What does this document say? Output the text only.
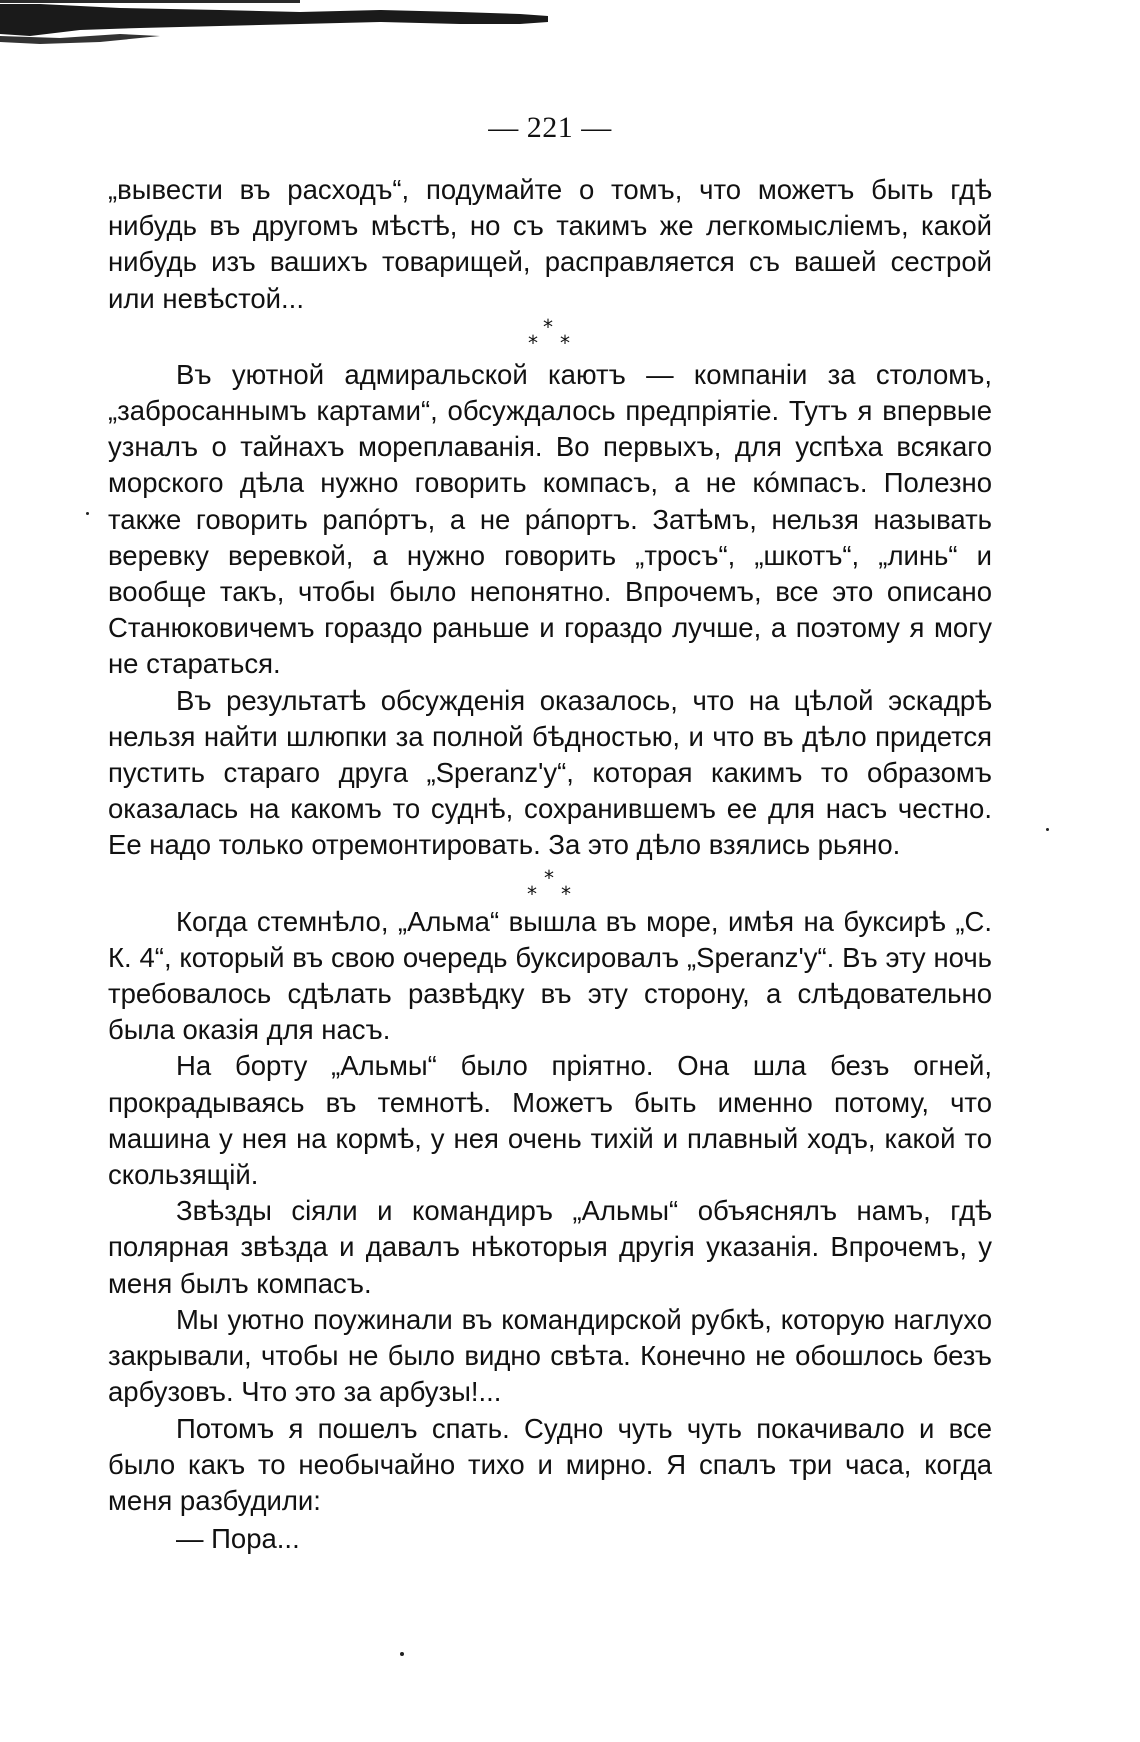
— 221 —

„вывести въ расходъ“, подумайте о томъ, что можетъ быть гдѣ нибудь въ другомъ мѣстѣ, но съ такимъ же легкомысліемъ, какой нибудь изъ вашихъ товарищей, расправляется съ вашей сестрой или невѣстой...

*
* *

Въ уютной адмиральской каютъ — компаніи за столомъ, „заброcаннымъ картами“, обсуждалось предпріятіе. Тутъ я впервые узналъ о тайнахъ мореплаванія. Во первыхъ, для успѣха всякаго морского дѣла нужно говорить компасъ, а не кóмпасъ. Полезно также говорить рапóртъ, а не рáпортъ. Затѣмъ, нельзя называть веревку веревкой, а нужно говорить „тросъ“, „шкотъ“, „линь“ и вообще такъ, чтобы было непонятно. Впрочемъ, все это описано Станюковичемъ гораздо раньше и гораздо лучше, а поэтому я могу не стараться.

Въ результатѣ обсужденія оказалось, что на цѣлой эскадрѣ нельзя найти шлюпки за полной бѣдностью, и что въ дѣло придется пустить стараго друга „Speranz'у“, которая какимъ то образомъ оказалась на какомъ то суднѣ, сохранившемъ ее для насъ честно. Ее надо только отремонтировать. За это дѣло взялись рьяно.

*
* *

Когда стемнѣло, „Альма“ вышла въ море, имѣя на буксирѣ „С. К. 4“, который въ свою очередь буксировалъ „Speranz'у“. Въ эту ночь требовалось сдѣлать развѣдку въ эту сторону, а слѣдовательно была оказія для насъ.

На борту „Альмы“ было пріятно. Она шла безъ огней, прокрадываясь въ темнотѣ. Можетъ быть именно потому, что машина у нея на кормѣ, у нея очень тихій и плавный ходъ, какой то скользящій.

Звѣзды сіяли и командиръ „Альмы“ объяснялъ намъ, гдѣ полярная звѣзда и давалъ нѣкоторыя другія указанія. Впрочемъ, у меня былъ компасъ.

Мы уютно поужинали въ командирской рубкѣ, которую наглухо закрывали, чтобы не было видно свѣта. Конечно не обошлось безъ арбузовъ. Что это за арбузы!...

Потомъ я пошелъ спать. Судно чуть чуть покачивало и все было какъ то необычайно тихо и мирно. Я спалъ три часа, когда меня разбудили:

— Пора...
